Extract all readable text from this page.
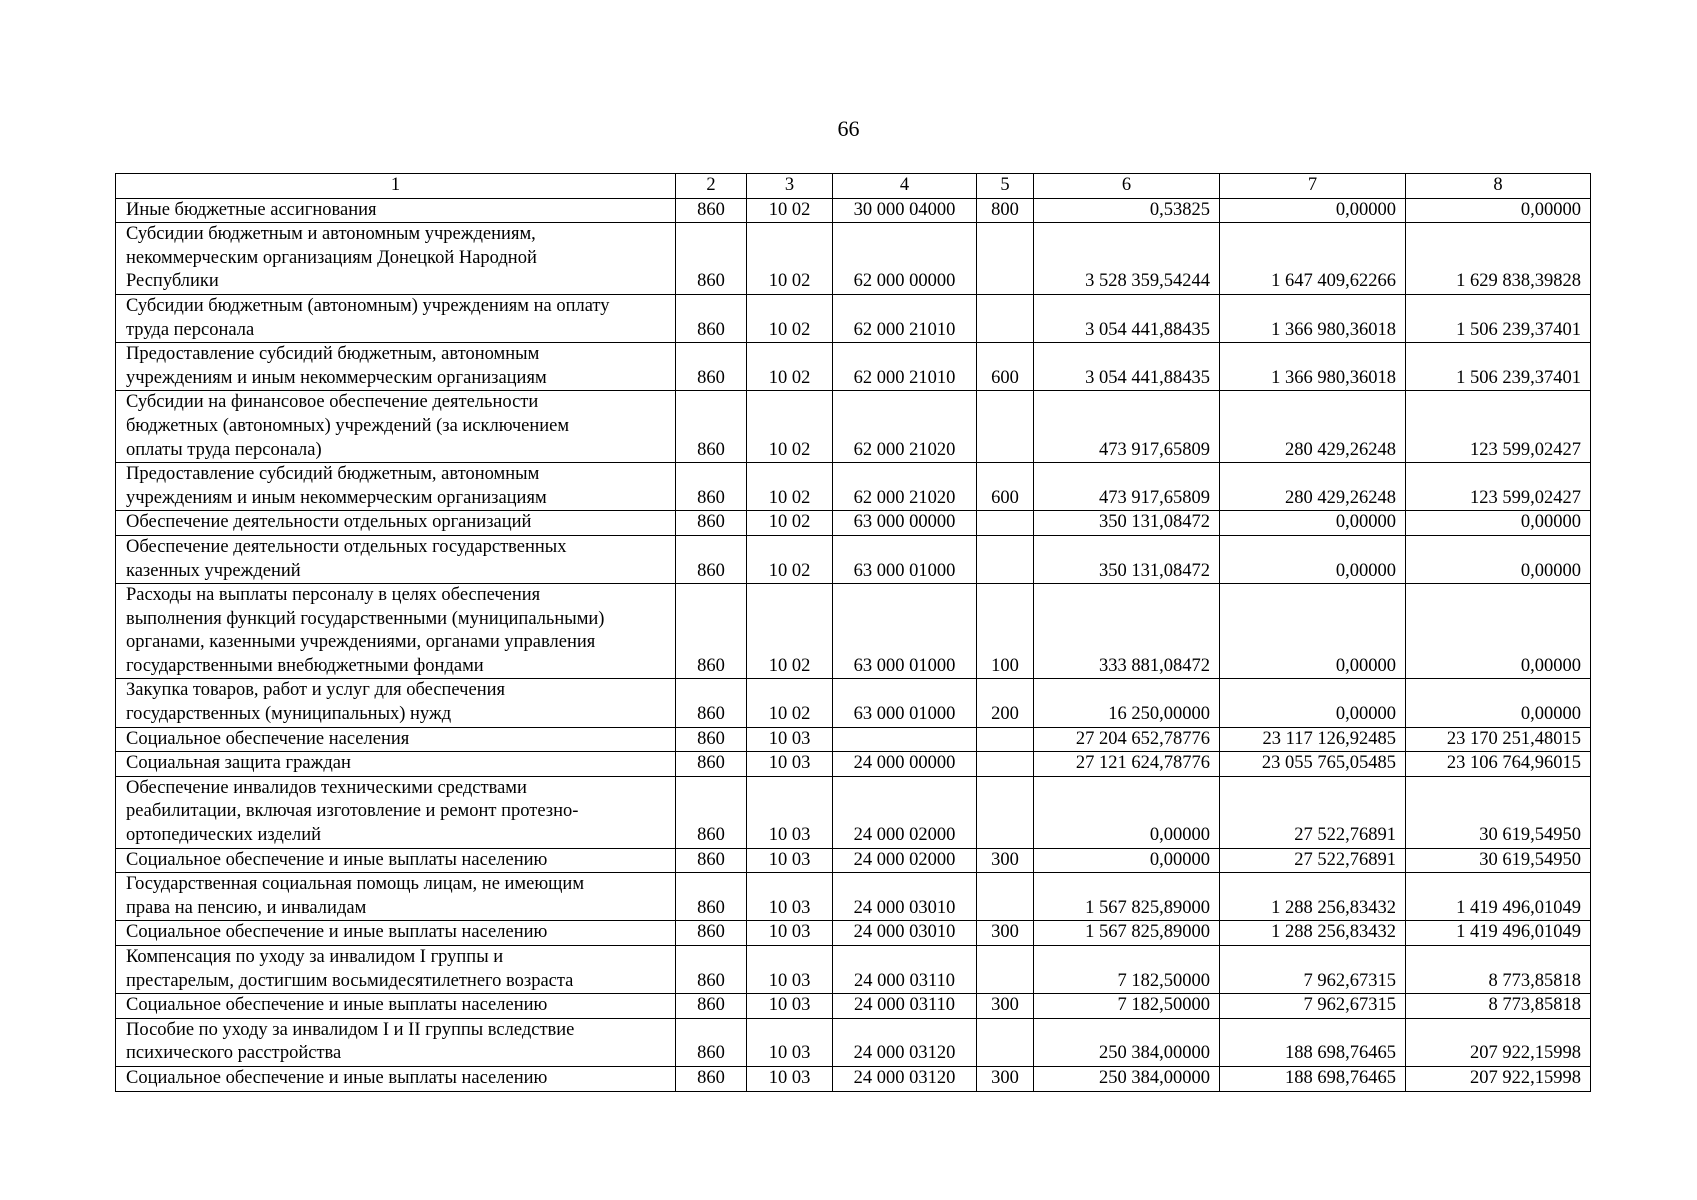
66
1	2	3	4	5	6	7	8
Иные бюджетные ассигнования	860	10 02	30 000 04000	800	0,53825	0,00000	0,00000
Субсидии бюджетным и автономным учреждениям,
некоммерческим организациям Донецкой Народной
Республики	860	10 02	62 000 00000		3 528 359,54244	1 647 409,62266	1 629 838,39828
Субсидии бюджетным (автономным) учреждениям на оплату
труда персонала	860	10 02	62 000 21010		3 054 441,88435	1 366 980,36018	1 506 239,37401
Предоставление субсидий бюджетным, автономным
учреждениям и иным некоммерческим организациям	860	10 02	62 000 21010	600	3 054 441,88435	1 366 980,36018	1 506 239,37401
Субсидии на финансовое обеспечение деятельности
бюджетных (автономных) учреждений (за исключением
оплаты труда персонала)	860	10 02	62 000 21020		473 917,65809	280 429,26248	123 599,02427
Предоставление субсидий бюджетным, автономным
учреждениям и иным некоммерческим организациям	860	10 02	62 000 21020	600	473 917,65809	280 429,26248	123 599,02427
Обеспечение деятельности отдельных организаций	860	10 02	63 000 00000		350 131,08472	0,00000	0,00000
Обеспечение деятельности отдельных государственных
казенных учреждений	860	10 02	63 000 01000		350 131,08472	0,00000	0,00000
Расходы на выплаты персоналу в целях обеспечения
выполнения функций государственными (муниципальными)
органами, казенными учреждениями, органами управления
государственными внебюджетными фондами	860	10 02	63 000 01000	100	333 881,08472	0,00000	0,00000
Закупка товаров, работ и услуг для обеспечения
государственных (муниципальных) нужд	860	10 02	63 000 01000	200	16 250,00000	0,00000	0,00000
Социальное обеспечение населения	860	10 03			27 204 652,78776	23 117 126,92485	23 170 251,48015
Социальная защита граждан	860	10 03	24 000 00000		27 121 624,78776	23 055 765,05485	23 106 764,96015
Обеспечение инвалидов техническими средствами
реабилитации, включая изготовление и ремонт протезно-
ортопедических изделий	860	10 03	24 000 02000		0,00000	27 522,76891	30 619,54950
Социальное обеспечение и иные выплаты населению	860	10 03	24 000 02000	300	0,00000	27 522,76891	30 619,54950
Государственная социальная помощь лицам, не имеющим
права на пенсию, и инвалидам	860	10 03	24 000 03010		1 567 825,89000	1 288 256,83432	1 419 496,01049
Социальное обеспечение и иные выплаты населению	860	10 03	24 000 03010	300	1 567 825,89000	1 288 256,83432	1 419 496,01049
Компенсация по уходу за инвалидом I группы и
престарелым, достигшим восьмидесятилетнего возраста	860	10 03	24 000 03110		7 182,50000	7 962,67315	8 773,85818
Социальное обеспечение и иные выплаты населению	860	10 03	24 000 03110	300	7 182,50000	7 962,67315	8 773,85818
Пособие по уходу за инвалидом I и II группы вследствие
психического расстройства	860	10 03	24 000 03120		250 384,00000	188 698,76465	207 922,15998
Социальное обеспечение и иные выплаты населению	860	10 03	24 000 03120	300	250 384,00000	188 698,76465	207 922,15998
